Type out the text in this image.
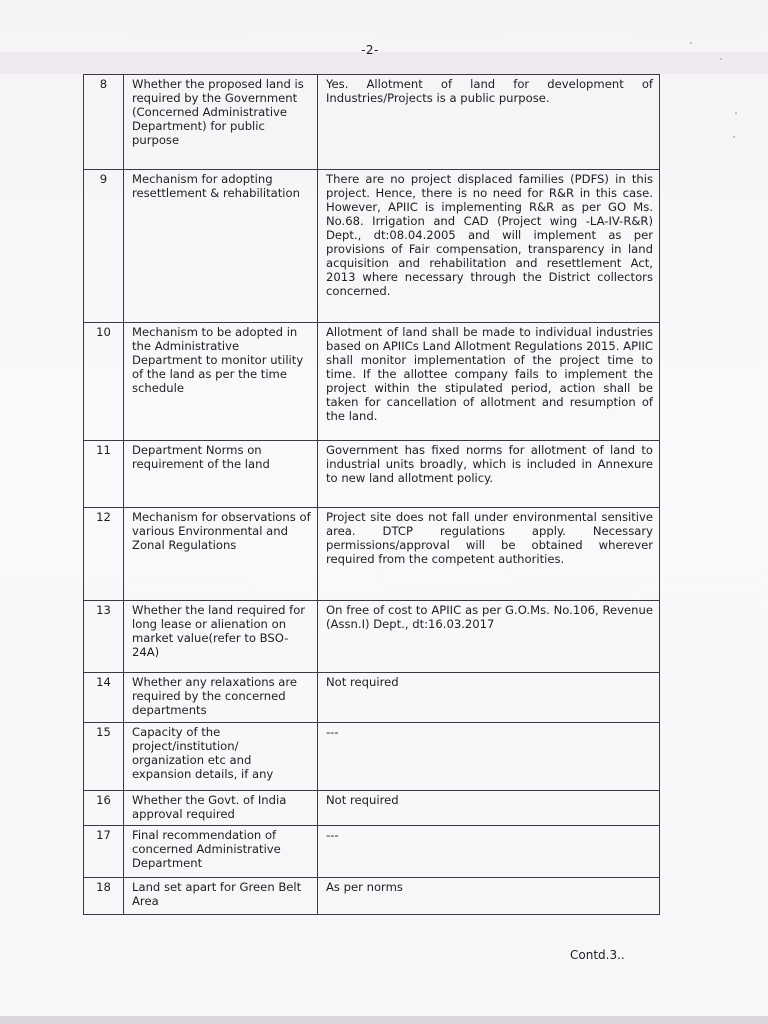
-2-
8	Whether the proposed land is required by the Government (Concerned Administrative Department) for public purpose	Yes. Allotment of land for development of Industries/Projects is a public purpose.
9	Mechanism for adopting resettlement & rehabilitation	There are no project displaced families (PDFS) in this project. Hence, there is no need for R&R in this case. However, APIIC is implementing R&R as per GO Ms. No.68. Irrigation and CAD (Project wing -LA-IV-R&R) Dept., dt:08.04.2005 and will implement as per provisions of Fair compensation, transparency in land acquisition and rehabilitation and resettlement Act, 2013 where necessary through the District collectors concerned.
10	Mechanism to be adopted in the Administrative Department to monitor utility of the land as per the time schedule	Allotment of land shall be made to individual industries based on APIICs Land Allotment Regulations 2015. APIIC shall monitor implementation of the project time to time. If the allottee company fails to implement the project within the stipulated period, action shall be taken for cancellation of allotment and resumption of the land.
11	Department Norms on requirement of the land	Government has fixed norms for allotment of land to industrial units broadly, which is included in Annexure to new land allotment policy.
12	Mechanism for observations of various Environmental and Zonal Regulations	Project site does not fall under environmental sensitive area. DTCP regulations apply. Necessary permissions/approval will be obtained wherever required from the competent authorities.
13	Whether the land required for long lease or alienation on market value(refer to BSO-24A)	On free of cost to APIIC as per G.O.Ms. No.106, Revenue (Assn.I) Dept., dt:16.03.2017
14	Whether any relaxations are required by the concerned departments	Not required
15	Capacity of the project/institution/ organization etc and expansion details, if any	---
16	Whether the Govt. of India approval required	Not required
17	Final recommendation of concerned Administrative Department	---
18	Land set apart for Green Belt Area	As per norms
Contd.3..
